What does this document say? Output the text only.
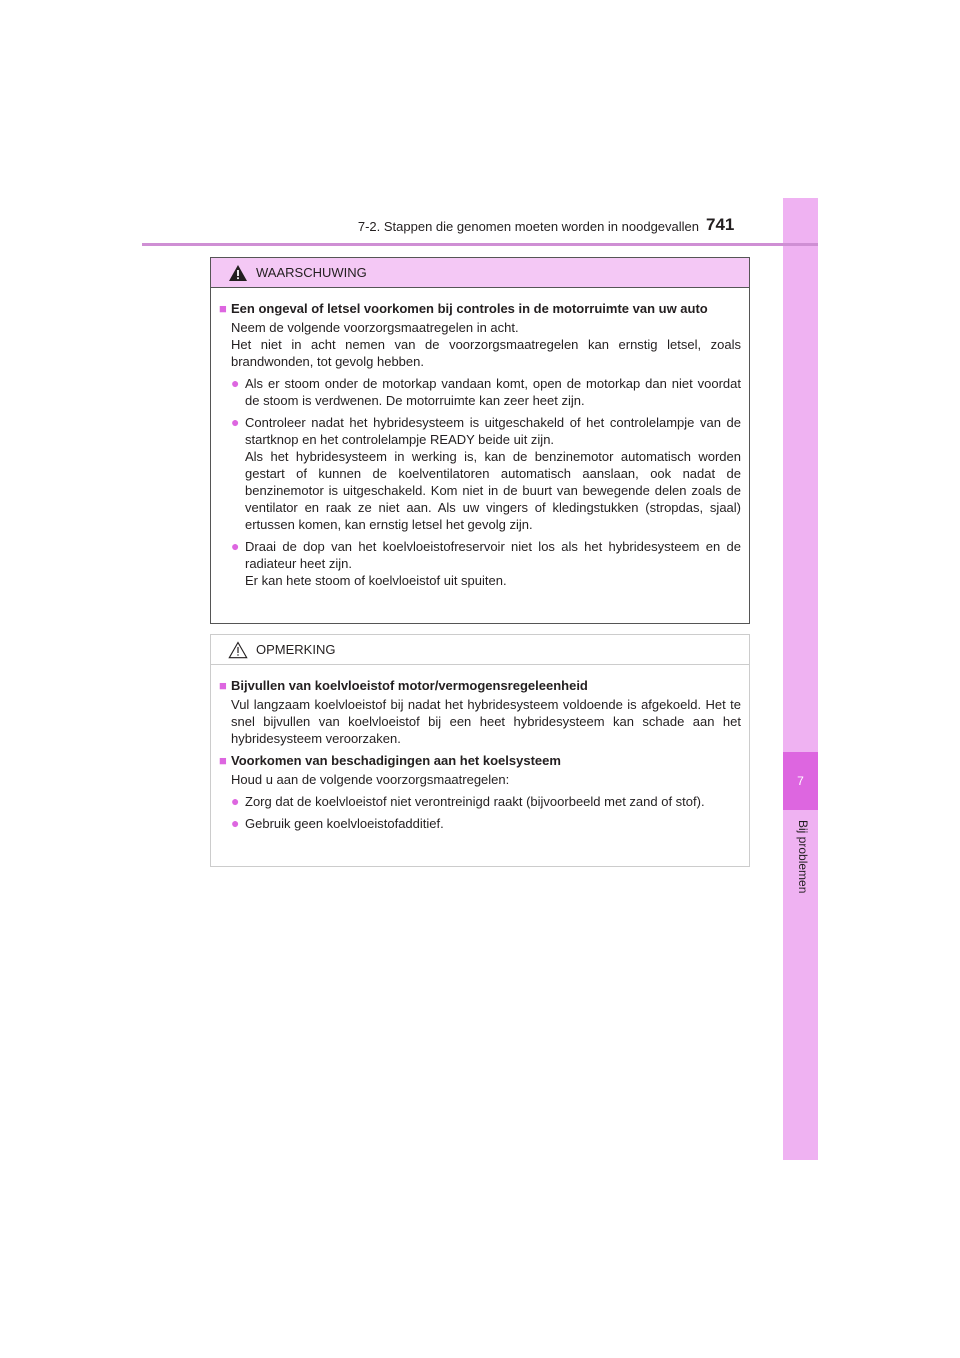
7
Bij problemen
7-2. Stappen die genomen moeten worden in noodgevallen 741
WAARSCHUWING
■ Een ongeval of letsel voorkomen bij controles in de motorruimte van uw auto
Neem de volgende voorzorgsmaatregelen in acht.
Het niet in acht nemen van de voorzorgsmaatregelen kan ernstig letsel, zoals brandwonden, tot gevolg hebben.
● Als er stoom onder de motorkap vandaan komt, open de motorkap dan niet voordat de stoom is verdwenen. De motorruimte kan zeer heet zijn.
● Controleer nadat het hybridesysteem is uitgeschakeld of het controlelampje van de startknop en het controlelampje READY beide uit zijn.
Als het hybridesysteem in werking is, kan de benzinemotor automatisch worden gestart of kunnen de koelventilatoren automatisch aanslaan, ook nadat de benzinemotor is uitgeschakeld. Kom niet in de buurt van bewegende delen zoals de ventilator en raak ze niet aan. Als uw vingers of kledingstukken (stropdas, sjaal) ertussen komen, kan ernstig letsel het gevolg zijn.
● Draai de dop van het koelvloeistofreservoir niet los als het hybridesysteem en de radiateur heet zijn.
Er kan hete stoom of koelvloeistof uit spuiten.
OPMERKING
■ Bijvullen van koelvloeistof motor/vermogensregeleenheid
Vul langzaam koelvloeistof bij nadat het hybridesysteem voldoende is afgekoeld. Het te snel bijvullen van koelvloeistof bij een heet hybridesysteem kan schade aan het hybridesysteem veroorzaken.
■ Voorkomen van beschadigingen aan het koelsysteem
Houd u aan de volgende voorzorgsmaatregelen:
● Zorg dat de koelvloeistof niet verontreinigd raakt (bijvoorbeeld met zand of stof).
● Gebruik geen koelvloeistofadditief.
